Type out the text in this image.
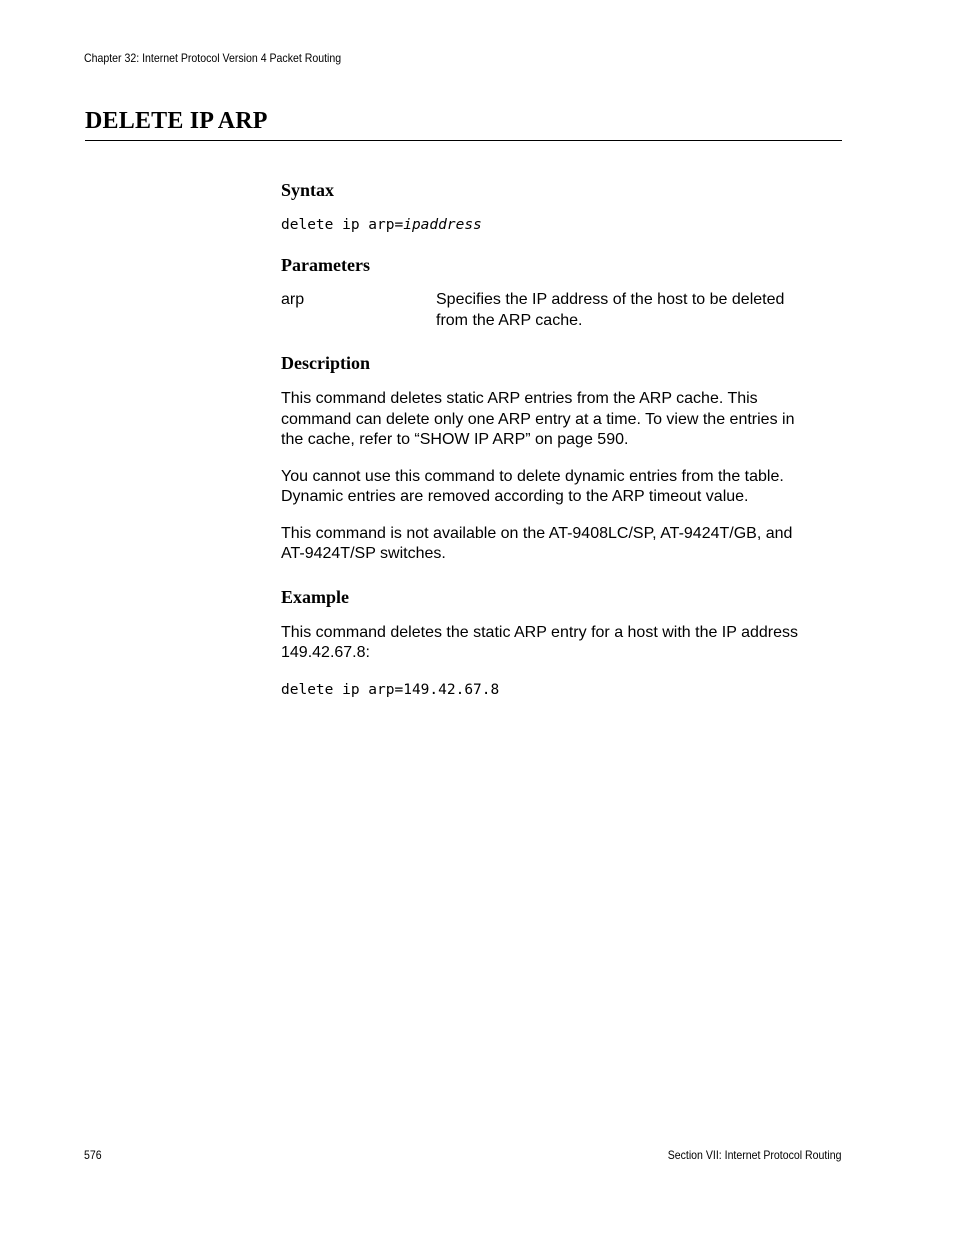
Chapter 32: Internet Protocol Version 4 Packet Routing
DELETE IP ARP
Syntax
delete ip arp=ipaddress
Parameters
arp	Specifies the IP address of the host to be deleted
from the ARP cache.
Description

This command deletes static ARP entries from the ARP cache. This
command can delete only one ARP entry at a time. To view the entries in
the cache, refer to “SHOW IP ARP” on page 590.

You cannot use this command to delete dynamic entries from the table.
Dynamic entries are removed according to the ARP timeout value.

This command is not available on the AT-9408LC/SP, AT-9424T/GB, and
AT-9424T/SP switches.

Example

This command deletes the static ARP entry for a host with the IP address
149.42.67.8:

delete ip arp=149.42.67.8
576	Section VII: Internet Protocol Routing
